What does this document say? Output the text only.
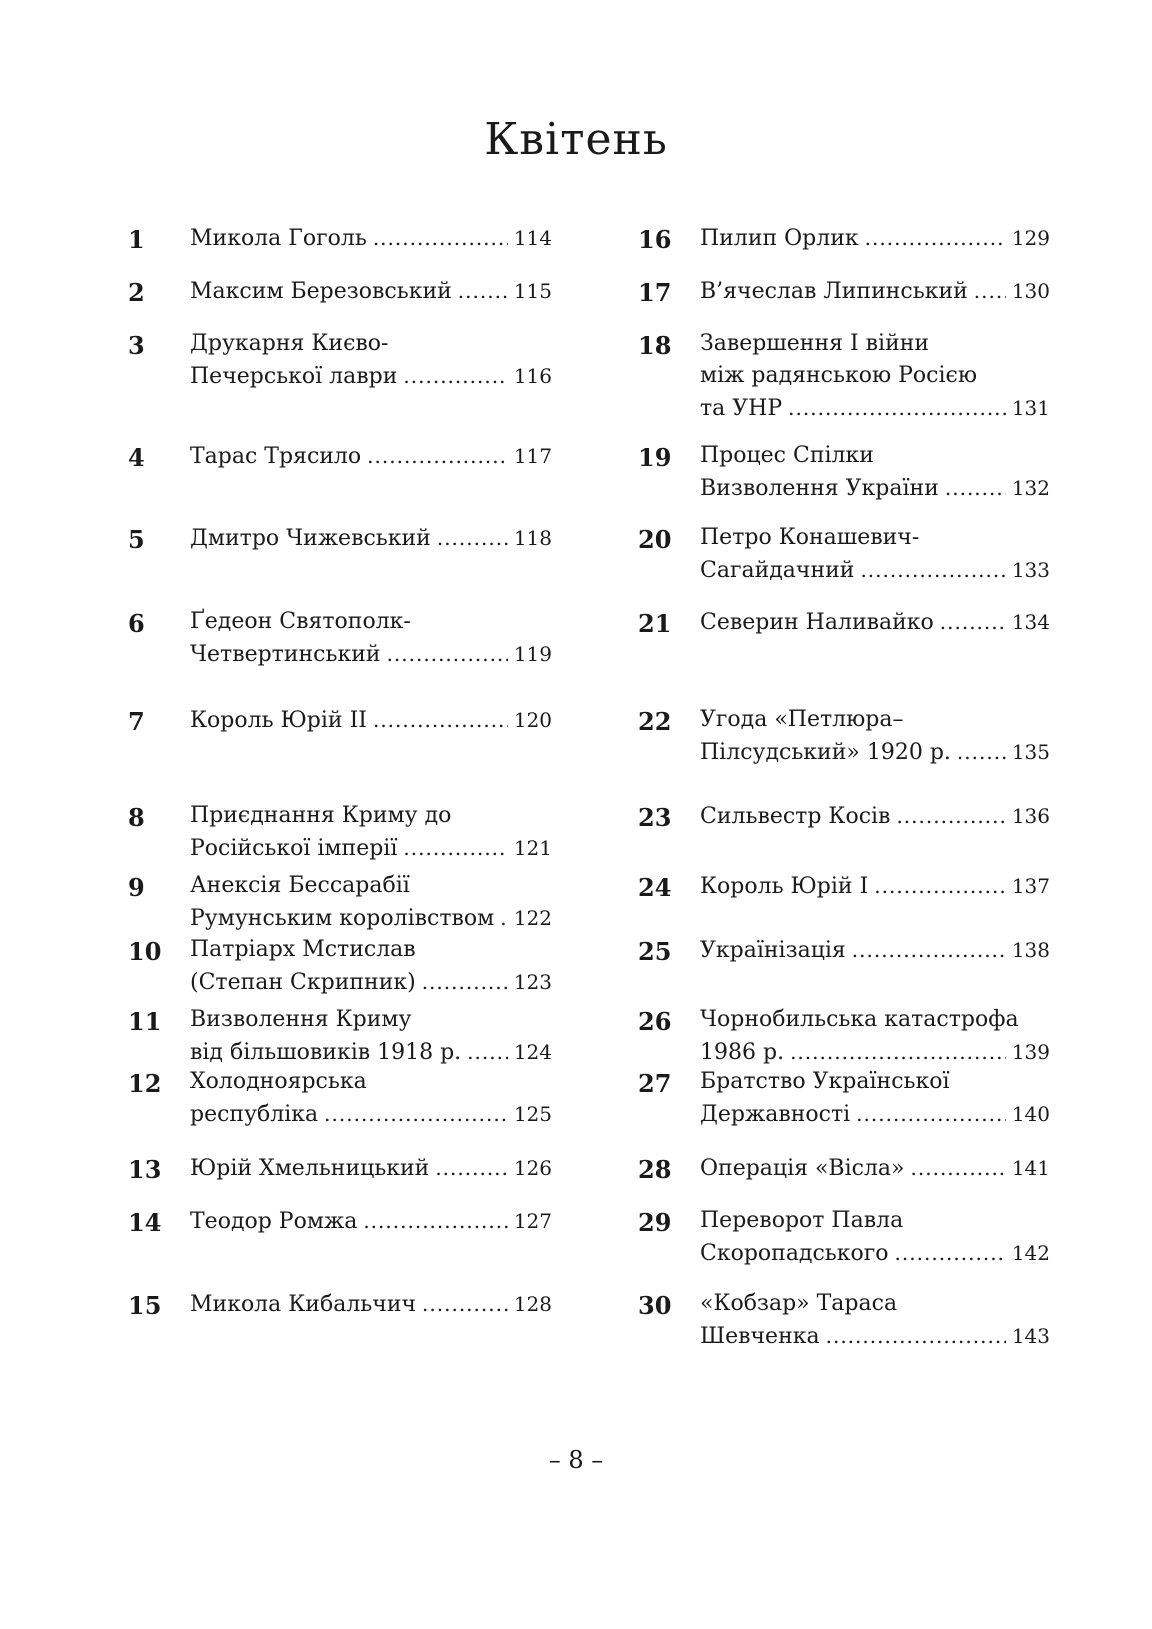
Квітень
1	Микола Гоголь .....	114
2	Максим Березовський .....	115
3	Друкарня Києво-
Печерської лаври .....	116
4	Тарас Трясило .....	117
5	Дмитро Чижевський .....	118
6	Ґедеон Святополк-
Четвертинський .....	119
7	Король Юрій ІІ .....	120
8	Приєднання Криму до
Російської імперії .....	121
9	Анексія Бессарабії
Румунським королівством ..... 122
10	Патріарх Мстислав
(Степан Скрипник) .....	123
11	Визволення Криму
від більшовиків 1918 р. .....	124
12	Холодноярська
республіка .....	125
13	Юрій Хмельницький .....	126
14	Теодор Ромжа .....	127
15	Микола Кибальчич .....	128
16	Пилип Орлик .....	129
17	В’ячеслав Липинський ..... 130
18	Завершення І війни
між радянською Росією
та УНР .....	131
19	Процес Спілки
Визволення України .....	132
20	Петро Конашевич-
Сагайдачний .....	133
21	Северин Наливайко .....	134
22	Угода «Петлюра–
Пілсудський» 1920 р. .....	135
23	Сильвестр Косів .....	136
24	Король Юрій І .....	137
25	Українізація .....	138
26	Чорнобильська катастрофа
1986 р. .....	139
27	Братство Української
Державності .....	140
28	Операція «Вісла» .....	141
29	Переворот Павла
Скоропадського .....	142
30	«Кобзар» Тараса
Шевченка .....	143
– 8 –
